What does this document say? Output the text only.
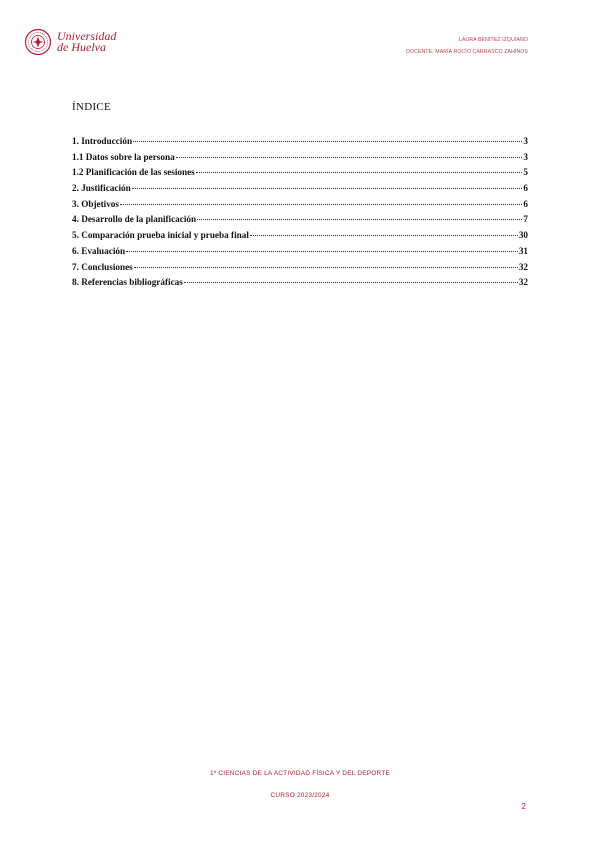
Universidad
de Huelva	LAURA BENÍTEZ IZQUIANO
DOCENTE: MARÍA ROCÍO CARRASCO ZAHINOS
ÍNDICE
1. Introducción	3
1.1 Datos sobre la persona	3
1.2 Planificación de las sesiones	5
2. Justificación	6
3. Objetivos	6
4. Desarrollo de la planificación	7
5. Comparación prueba inicial y prueba final	30
6. Evaluación	31
7. Conclusiones	32
8. Referencias bibliográficas	32
1º CIENCIAS DE LA ACTIVIDAD FÍSICA Y DEL DEPORTE
CURSO 2023/2024
2
